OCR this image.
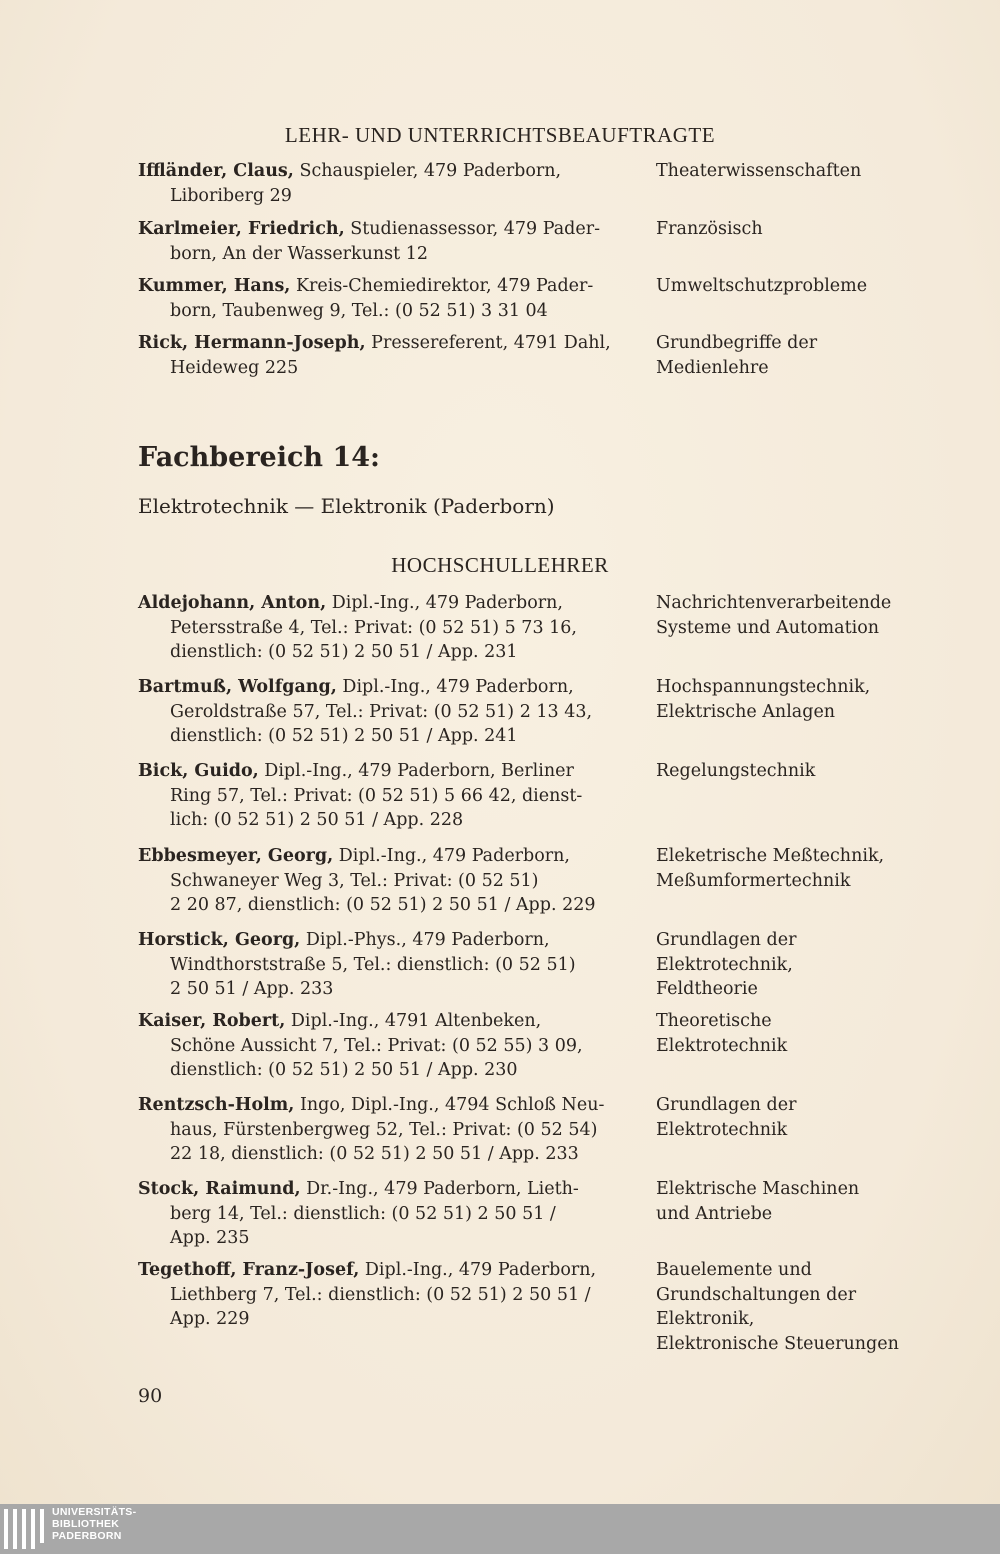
LEHR- UND UNTERRICHTSBEAUFTRAGTE
Iffländer, Claus, Schauspieler, 479 Paderborn,
Liboriberg 29
Theaterwissenschaften
Karlmeier, Friedrich, Studienassessor, 479 Pader-
born, An der Wasserkunst 12
Französisch
Kummer, Hans, Kreis-Chemiedirektor, 479 Pader-
born, Taubenweg 9, Tel.: (0 52 51) 3 31 04
Umweltschutzprobleme
Rick, Hermann-Joseph, Pressereferent, 4791 Dahl,
Heideweg 225
Grundbegriffe der
Medienlehre
Fachbereich 14:
Elektrotechnik — Elektronik (Paderborn)
HOCHSCHULLEHRER
Aldejohann, Anton, Dipl.-Ing., 479 Paderborn,
Petersstraße 4, Tel.: Privat: (0 52 51) 5 73 16,
dienstlich: (0 52 51) 2 50 51 / App. 231
Nachrichtenverarbeitende
Systeme und Automation
Bartmuß, Wolfgang, Dipl.-Ing., 479 Paderborn,
Geroldstraße 57, Tel.: Privat: (0 52 51) 2 13 43,
dienstlich: (0 52 51) 2 50 51 / App. 241
Hochspannungstechnik,
Elektrische Anlagen
Bick, Guido, Dipl.-Ing., 479 Paderborn, Berliner
Ring 57, Tel.: Privat: (0 52 51) 5 66 42, dienst-
lich: (0 52 51) 2 50 51 / App. 228
Regelungstechnik
Ebbesmeyer, Georg, Dipl.-Ing., 479 Paderborn,
Schwaneyer Weg 3, Tel.: Privat: (0 52 51)
2 20 87, dienstlich: (0 52 51) 2 50 51 / App. 229
Eleketrische Meßtechnik,
Meßumformertechnik
Horstick, Georg, Dipl.-Phys., 479 Paderborn,
Windthorststraße 5, Tel.: dienstlich: (0 52 51)
2 50 51 / App. 233
Grundlagen der
Elektrotechnik,
Feldtheorie
Kaiser, Robert, Dipl.-Ing., 4791 Altenbeken,
Schöne Aussicht 7, Tel.: Privat: (0 52 55) 3 09,
dienstlich: (0 52 51) 2 50 51 / App. 230
Theoretische
Elektrotechnik
Rentzsch-Holm, Ingo, Dipl.-Ing., 4794 Schloß Neu-
haus, Fürstenbergweg 52, Tel.: Privat: (0 52 54)
22 18, dienstlich: (0 52 51) 2 50 51 / App. 233
Grundlagen der
Elektrotechnik
Stock, Raimund, Dr.-Ing., 479 Paderborn, Lieth-
berg 14, Tel.: dienstlich: (0 52 51) 2 50 51 /
App. 235
Elektrische Maschinen
und Antriebe
Tegethoff, Franz-Josef, Dipl.-Ing., 479 Paderborn,
Liethberg 7, Tel.: dienstlich: (0 52 51) 2 50 51 /
App. 229
Bauelemente und
Grundschaltungen der
Elektronik,
Elektronische Steuerungen
90
UNIVERSITÄTS-
BIBLIOTHEK
PADERBORN
